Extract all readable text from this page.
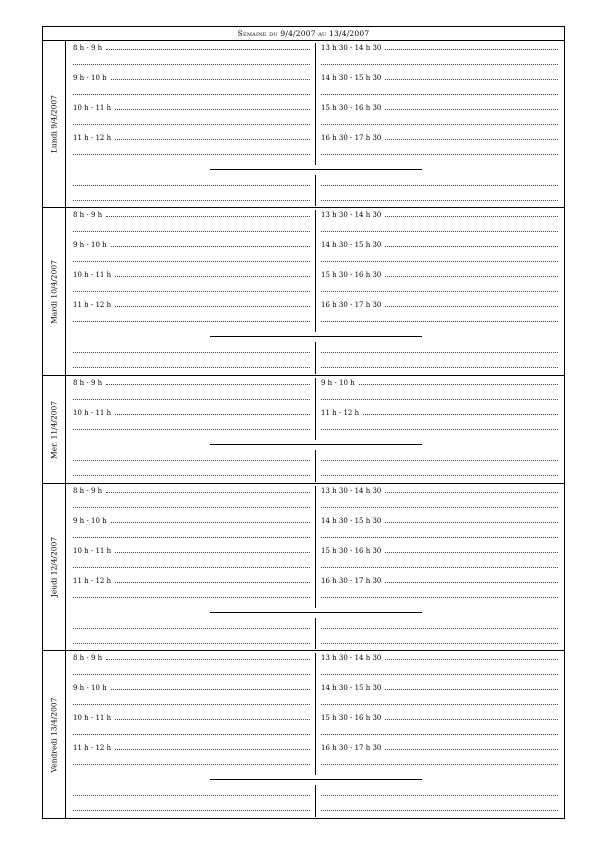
Semaine du 9/4/2007 au 13/4/2007
Lundi 9/4/2007
8 h - 9 h
9 h - 10 h
10 h - 11 h
11 h - 12 h
13 h 30 - 14 h 30
14 h 30 - 15 h 30
15 h 30 - 16 h 30
16 h 30 - 17 h 30
Mardi 10/4/2007
8 h - 9 h
9 h - 10 h
10 h - 11 h
11 h - 12 h
13 h 30 - 14 h 30
14 h 30 - 15 h 30
15 h 30 - 16 h 30
16 h 30 - 17 h 30
Mer. 11/4/2007
8 h - 9 h
10 h - 11 h
9 h - 10 h
11 h - 12 h
Jeudi 12/4/2007
8 h - 9 h
9 h - 10 h
10 h - 11 h
11 h - 12 h
13 h 30 - 14 h 30
14 h 30 - 15 h 30
15 h 30 - 16 h 30
16 h 30 - 17 h 30
Vendredi 13/4/2007
8 h - 9 h
9 h - 10 h
10 h - 11 h
11 h - 12 h
13 h 30 - 14 h 30
14 h 30 - 15 h 30
15 h 30 - 16 h 30
16 h 30 - 17 h 30
